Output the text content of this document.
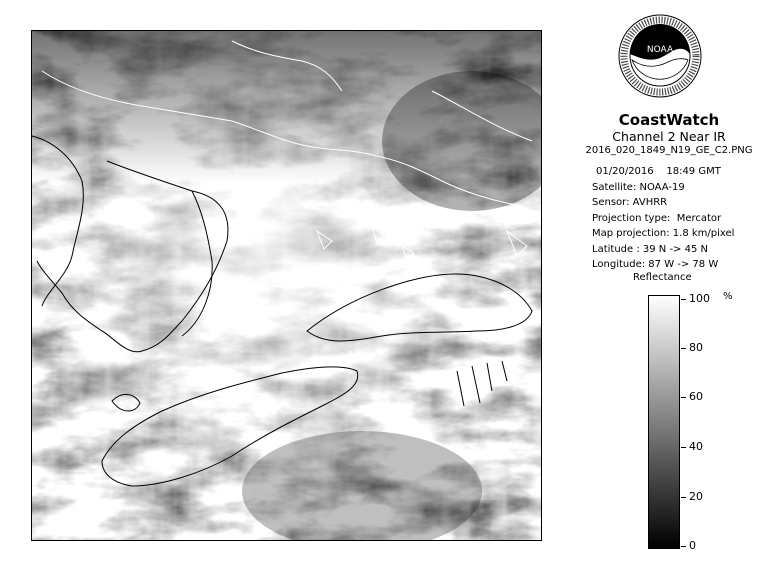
NOAA
CoastWatch
Channel 2 Near IR
2016_020_1849_N19_GE_C2.PNG
01/20/2016    18:49 GMT
Satellite: NOAA-19
Sensor: AVHRR
Projection type:  Mercator
Map projection: 1.8 km/pixel
Latitude : 39 N -> 45 N
Longitude: 87 W -> 78 W
Reflectance
%
100
80
60
40
20
0
